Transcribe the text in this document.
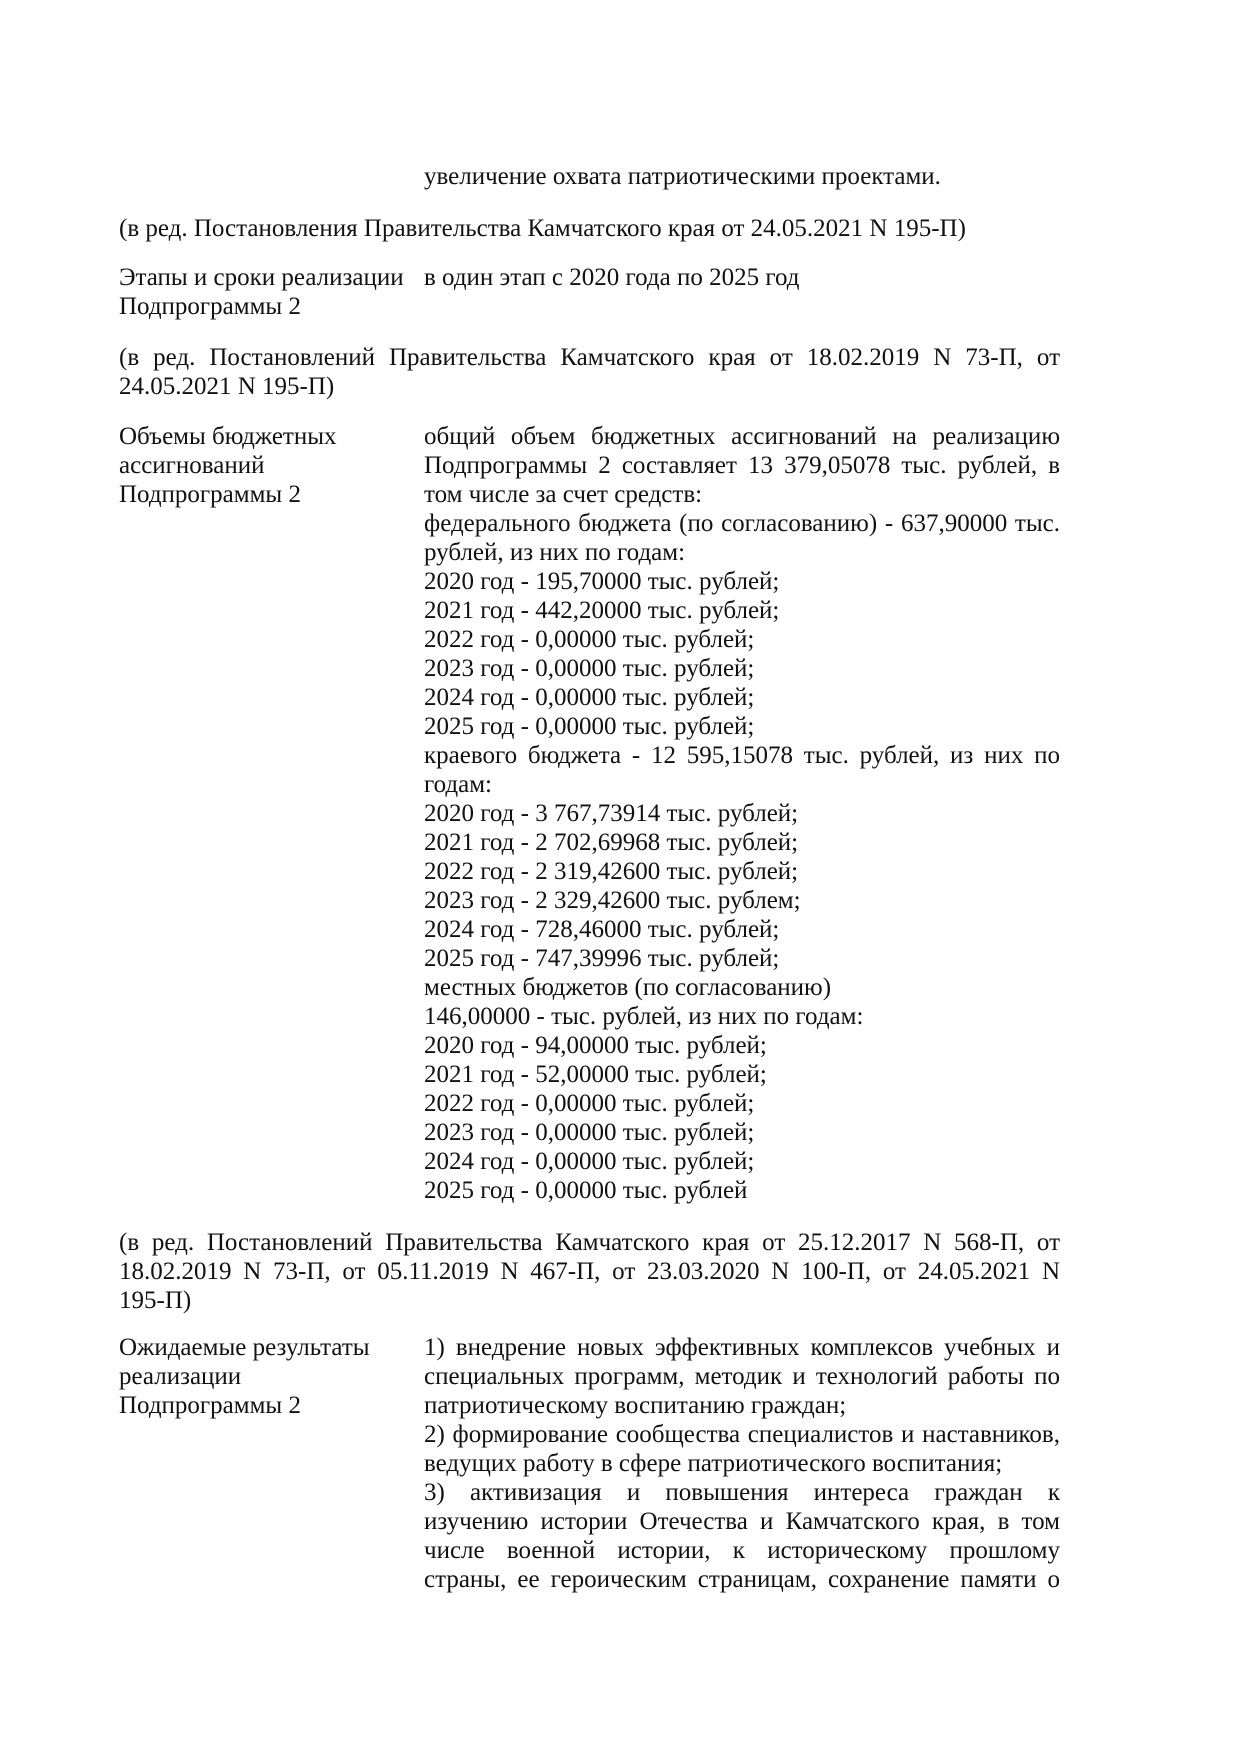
увеличение охвата патриотическими проектами.
(в ред. Постановления Правительства Камчатского края от 24.05.2021 N 195-П)
Этапы и сроки реализации
Подпрограммы 2
в один этап с 2020 года по 2025 год
(в ред. Постановлений Правительства Камчатского края от 18.02.2019 N 73-П, от
24.05.2021 N 195-П)
Объемы бюджетных
ассигнований
Подпрограммы 2
общий объем бюджетных ассигнований на реализацию
Подпрограммы 2 составляет 13 379,05078 тыс. рублей, в
том числе за счет средств:
федерального бюджета (по согласованию) - 637,90000 тыс.
рублей, из них по годам:
2020 год - 195,70000 тыс. рублей;
2021 год - 442,20000 тыс. рублей;
2022 год - 0,00000 тыс. рублей;
2023 год - 0,00000 тыс. рублей;
2024 год - 0,00000 тыс. рублей;
2025 год - 0,00000 тыс. рублей;
краевого бюджета - 12 595,15078 тыс. рублей, из них по
годам:
2020 год - 3 767,73914 тыс. рублей;
2021 год - 2 702,69968 тыс. рублей;
2022 год - 2 319,42600 тыс. рублей;
2023 год - 2 329,42600 тыс. рублем;
2024 год - 728,46000 тыс. рублей;
2025 год - 747,39996 тыс. рублей;
местных бюджетов (по согласованию)
146,00000 - тыс. рублей, из них по годам:
2020 год - 94,00000 тыс. рублей;
2021 год - 52,00000 тыс. рублей;
2022 год - 0,00000 тыс. рублей;
2023 год - 0,00000 тыс. рублей;
2024 год - 0,00000 тыс. рублей;
2025 год - 0,00000 тыс. рублей
(в ред. Постановлений Правительства Камчатского края от 25.12.2017 N 568-П, от
18.02.2019 N 73-П, от 05.11.2019 N 467-П, от 23.03.2020 N 100-П, от 24.05.2021 N
195-П)
Ожидаемые результаты
реализации
Подпрограммы 2
1) внедрение новых эффективных комплексов учебных и
специальных программ, методик и технологий работы по
патриотическому воспитанию граждан;
2) формирование сообщества специалистов и наставников,
ведущих работу в сфере патриотического воспитания;
3) активизация и повышения интереса граждан к
изучению истории Отечества и Камчатского края, в том
числе военной истории, к историческому прошлому
страны, ее героическим страницам, сохранение памяти о
